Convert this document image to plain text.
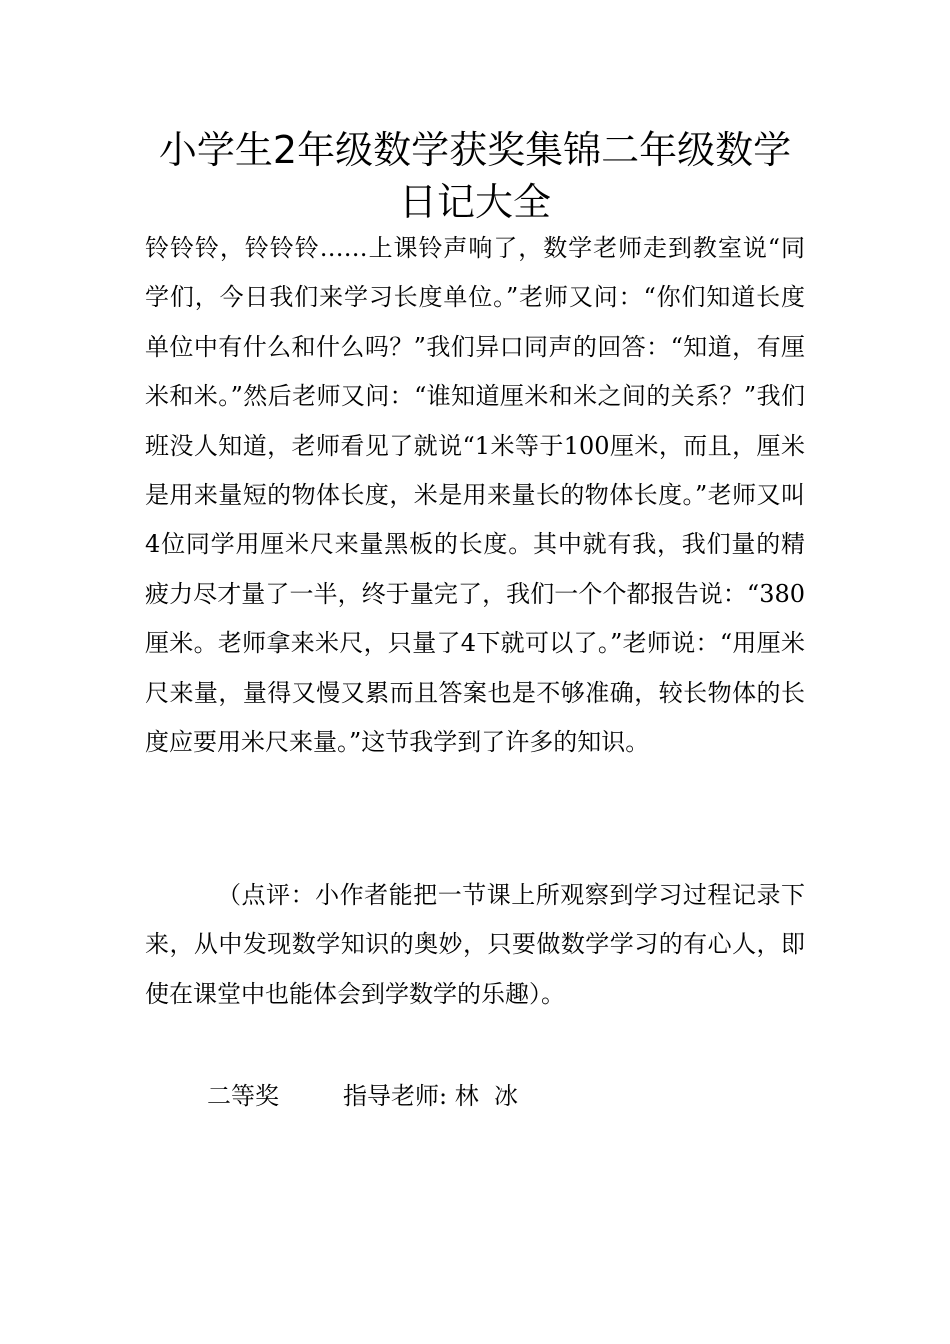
小学生2年级数学获奖集锦二年级数学日记大全

铃铃铃，铃铃铃……上课铃声响了，数学老师走到教室说“同学们，今日我们来学习长度单位。”老师又问：“你们知道长度单位中有什么和什么吗？”我们异口同声的回答：“知道，有厘米和米。”然后老师又问：“谁知道厘米和米之间的关系？”我们班没人知道，老师看见了就说“1米等于100厘米，而且，厘米是用来量短的物体长度，米是用来量长的物体长度。”老师又叫4位同学用厘米尺来量黑板的长度。其中就有我，我们量的精疲力尽才量了一半，终于量完了，我们一个个都报告说：“380厘米。老师拿来米尺，只量了4下就可以了。”老师说：“用厘米尺来量，量得又慢又累而且答案也是不够准确，较长物体的长度应要用米尺来量。”这节我学到了许多的知识。

（点评：小作者能把一节课上所观察到学习过程记录下来，从中发现数学知识的奥妙，只要做数学学习的有心人，即使在课堂中也能体会到学数学的乐趣）。

二等奖	指导老师: 林  冰
